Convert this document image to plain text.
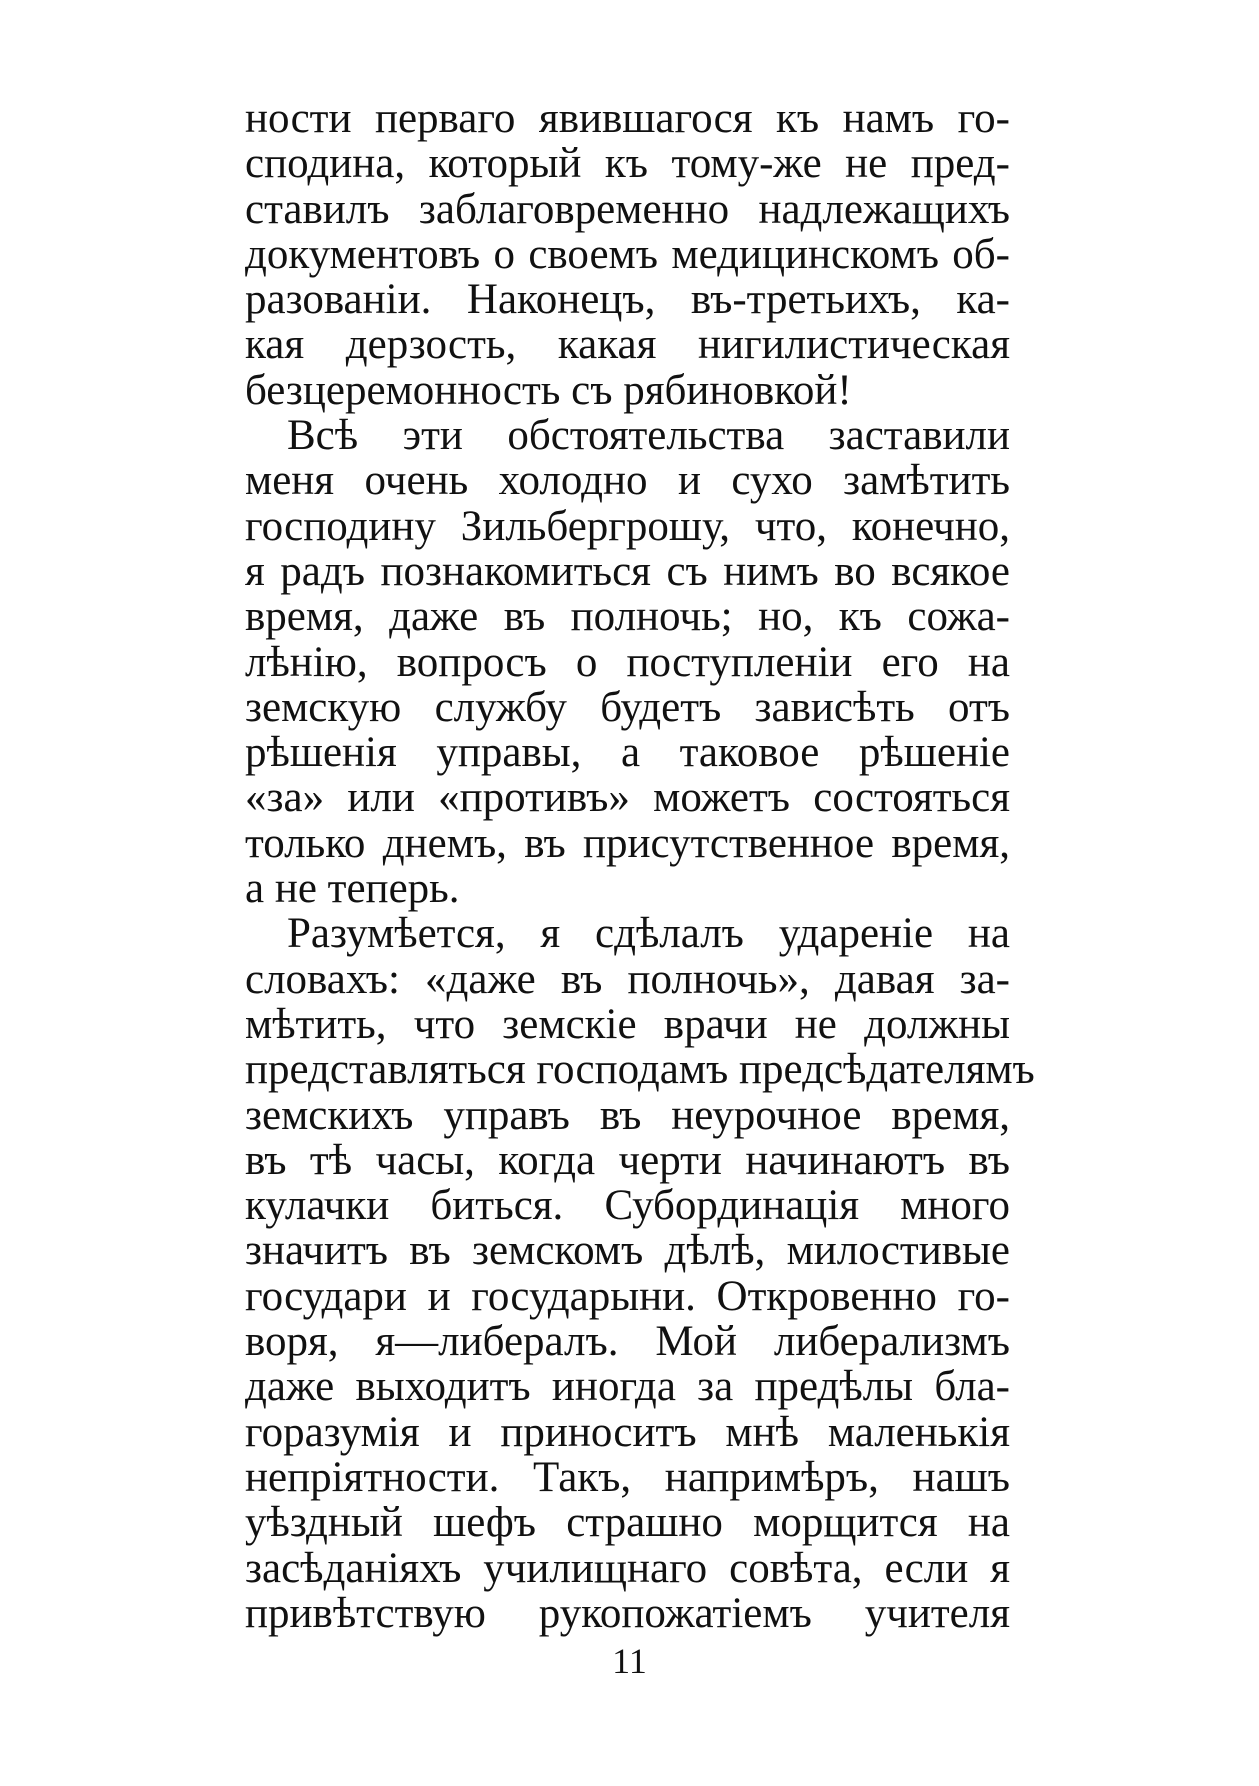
ности перваго явившагося къ намъ го-
сподина, который къ тому-же не пред-
ставилъ заблаговременно надлежащихъ
документовъ о своемъ медицинскомъ об-
разованіи. Наконецъ, въ-третьихъ, ка-
кая дерзость, какая нигилистическая
безцеремонность съ рябиновкой!
Всѣ эти обстоятельства заставили
меня очень холодно и сухо замѣтить
господину Зильбергрошу, что, конечно,
я радъ познакомиться съ нимъ во всякое
время, даже въ полночь; но, къ сожа-
лѣнію, вопросъ о поступленіи его на
земскую службу будетъ зависѣть отъ
рѣшенія управы, а таковое рѣшеніе
«за» или «противъ» можетъ состояться
только днемъ, въ присутственное время,
а не теперь.
Разумѣется, я сдѣлалъ удареніе на
словахъ: «даже въ полночь», давая за-
мѣтить, что земскіе врачи не должны
представляться господамъ предсѣдателямъ
земскихъ управъ въ неурочное время,
въ тѣ часы, когда черти начинаютъ въ
кулачки биться. Субординація много
значитъ въ земскомъ дѣлѣ, милостивые
государи и государыни. Откровенно го-
воря, я—либералъ. Мой либерализмъ
даже выходитъ иногда за предѣлы бла-
горазумія и приноситъ мнѣ маленькія
непріятности. Такъ, напримѣръ, нашъ
уѣздный шефъ страшно морщится на
засѣданіяхъ училищнаго совѣта, если я
привѣтствую рукопожатіемъ учителя
11
